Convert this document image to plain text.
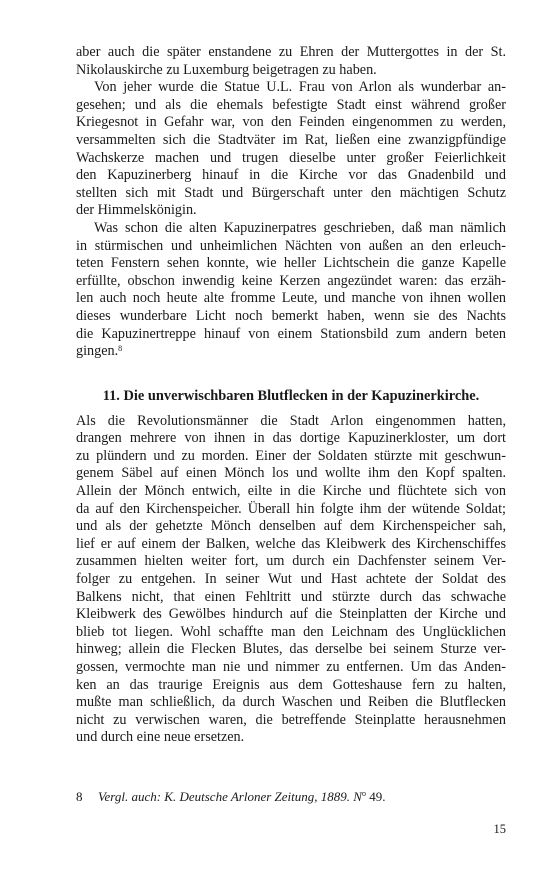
aber auch die später enstandene zu Ehren der Muttergottes in der St.
Nikolauskirche zu Luxemburg beigetragen zu haben.
Von jeher wurde die Statue U.L. Frau von Arlon als wunderbar an-
gesehen; und als die ehemals befestigte Stadt einst während großer
Kriegesnot in Gefahr war, von den Feinden eingenommen zu werden,
versammelten sich die Stadtväter im Rat, ließen eine zwanzigpfündige
Wachskerze machen und trugen dieselbe unter großer Feierlichkeit
den Kapuzinerberg hinauf in die Kirche vor das Gnadenbild und
stellten sich mit Stadt und Bürgerschaft unter den mächtigen Schutz
der Himmelskönigin.
Was schon die alten Kapuzinerpatres geschrieben, daß man nämlich
in stürmischen und unheimlichen Nächten von außen an den erleuch-
teten Fenstern sehen konnte, wie heller Lichtschein die ganze Kapelle
erfüllte, obschon inwendig keine Kerzen angezündet waren: das erzäh-
len auch noch heute alte fromme Leute, und manche von ihnen wollen
dieses wunderbare Licht noch bemerkt haben, wenn sie des Nachts
die Kapuzinertreppe hinauf von einem Stationsbild zum andern beten
gingen.$^8$
11. Die unverwischbaren Blutflecken in der Kapuzinerkirche.
Als die Revolutionsmänner die Stadt Arlon eingenommen hatten,
drangen mehrere von ihnen in das dortige Kapuzinerkloster, um dort
zu plündern und zu morden. Einer der Soldaten stürzte mit geschwun-
genem Säbel auf einen Mönch los und wollte ihm den Kopf spalten.
Allein der Mönch entwich, eilte in die Kirche und flüchtete sich von
da auf den Kirchenspeicher. Überall hin folgte ihm der wütende Soldat;
und als der gehetzte Mönch denselben auf dem Kirchenspeicher sah,
lief er auf einem der Balken, welche das Kleibwerk des Kirchenschiffes
zusammen hielten weiter fort, um durch ein Dachfenster seinem Ver-
folger zu entgehen. In seiner Wut und Hast achtete der Soldat des
Balkens nicht, that einen Fehltritt und stürzte durch das schwache
Kleibwerk des Gewölbes hindurch auf die Steinplatten der Kirche und
blieb tot liegen. Wohl schaffte man den Leichnam des Unglücklichen
hinweg; allein die Flecken Blutes, das derselbe bei seinem Sturze ver-
gossen, vermochte man nie und nimmer zu entfernen. Um das Anden-
ken an das traurige Ereignis aus dem Gotteshause fern zu halten,
mußte man schließlich, da durch Waschen und Reiben die Blutflecken
nicht zu verwischen waren, die betreffende Steinplatte herausnehmen
und durch eine neue ersetzen.
8 Vergl. auch: K. Deutsche Arloner Zeitung, 1889. $N^o$ 49.
15
